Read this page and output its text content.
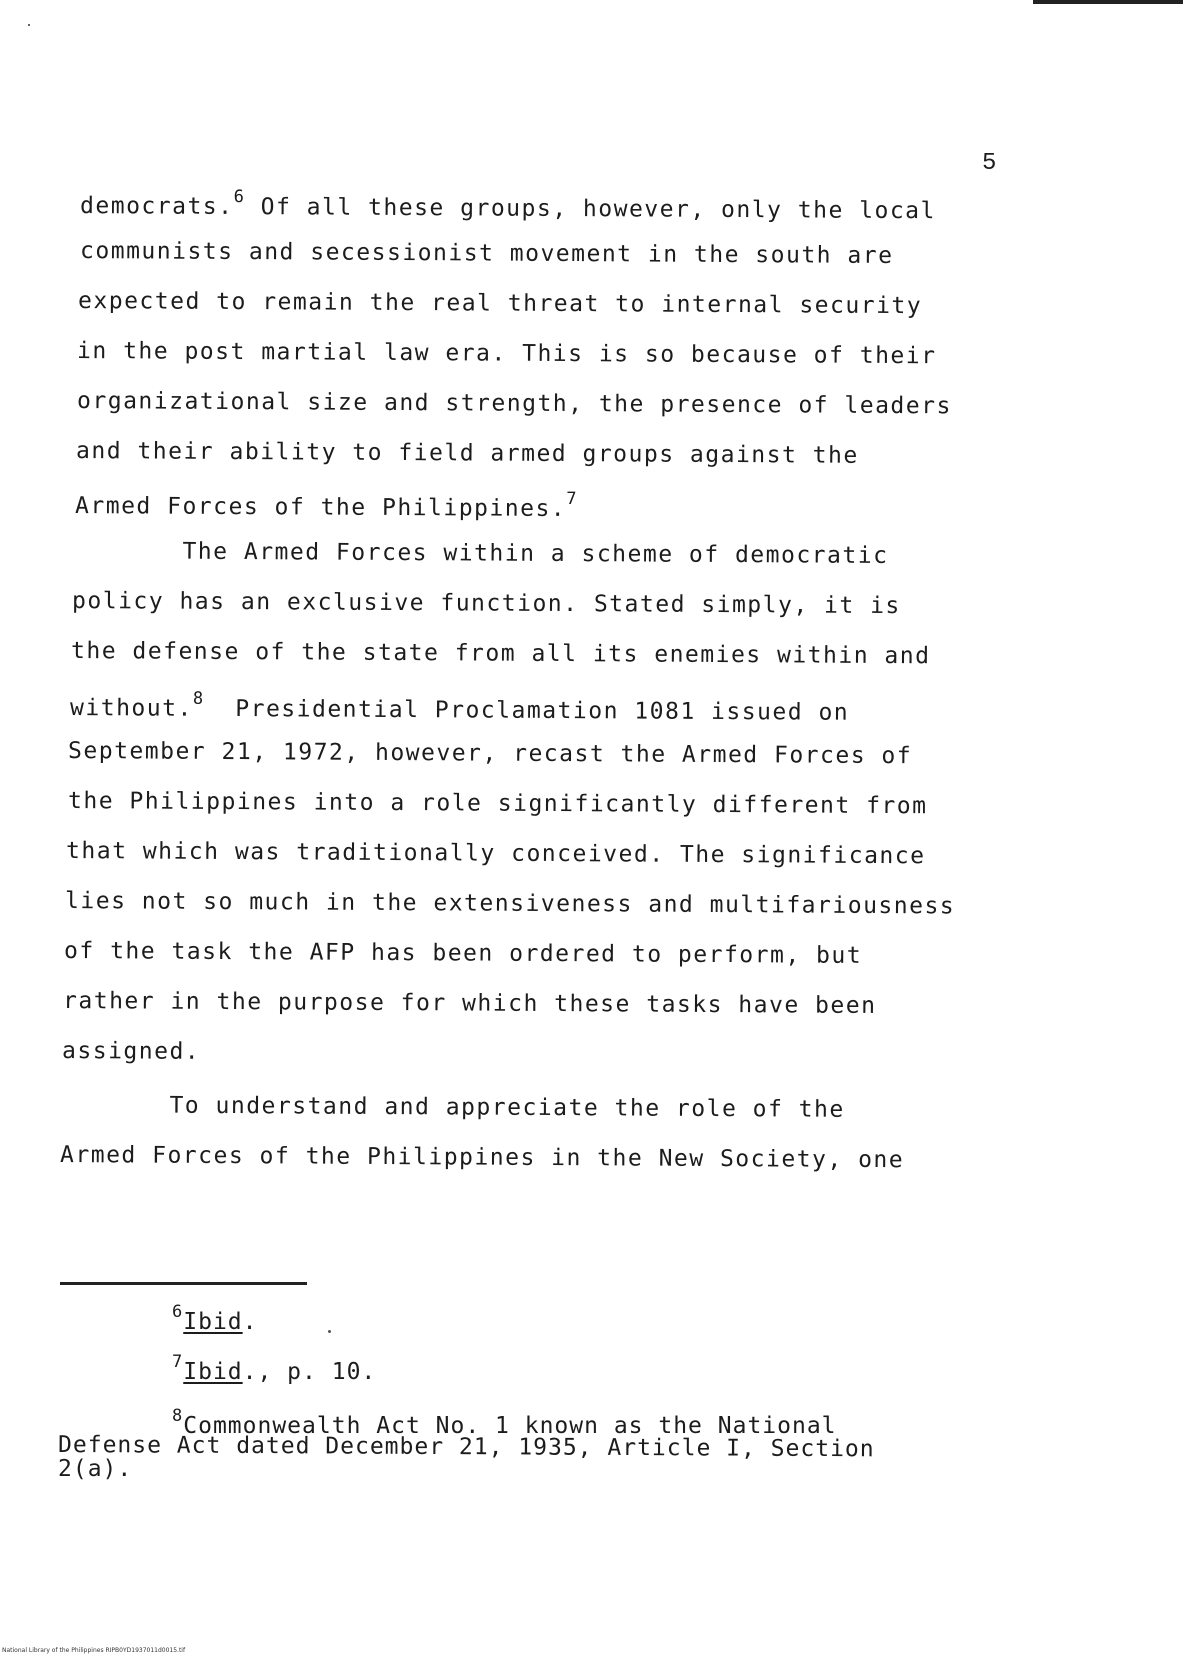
5
democrats.$^6$ Of all these groups, however, only the local
communists and secessionist movement in the south are
expected to remain the real threat to internal security
in the post martial law era. This is so because of their
organizational size and strength, the presence of leaders
and their ability to field armed groups against the
Armed Forces of the Philippines.$^7$
The Armed Forces within a scheme of democratic
policy has an exclusive function. Stated simply, it is
the defense of the state from all its enemies within and
without.$^8$  Presidential Proclamation 1081 issued on
September 21, 1972, however, recast the Armed Forces of
the Philippines into a role significantly different from
that which was traditionally conceived. The significance
lies not so much in the extensiveness and multifariousness
of the task the AFP has been ordered to perform, but
rather in the purpose for which these tasks have been
assigned.
To understand and appreciate the role of the
Armed Forces of the Philippines in the New Society, one
$^6$Ibid.
$^7$Ibid., p. 10.
$^8$Commonwealth Act No. 1 known as the National
Defense Act dated December 21, 1935, Article I, Section
2(a).
National Library of the Philippines RIPB0YD1937011d0015.tif
